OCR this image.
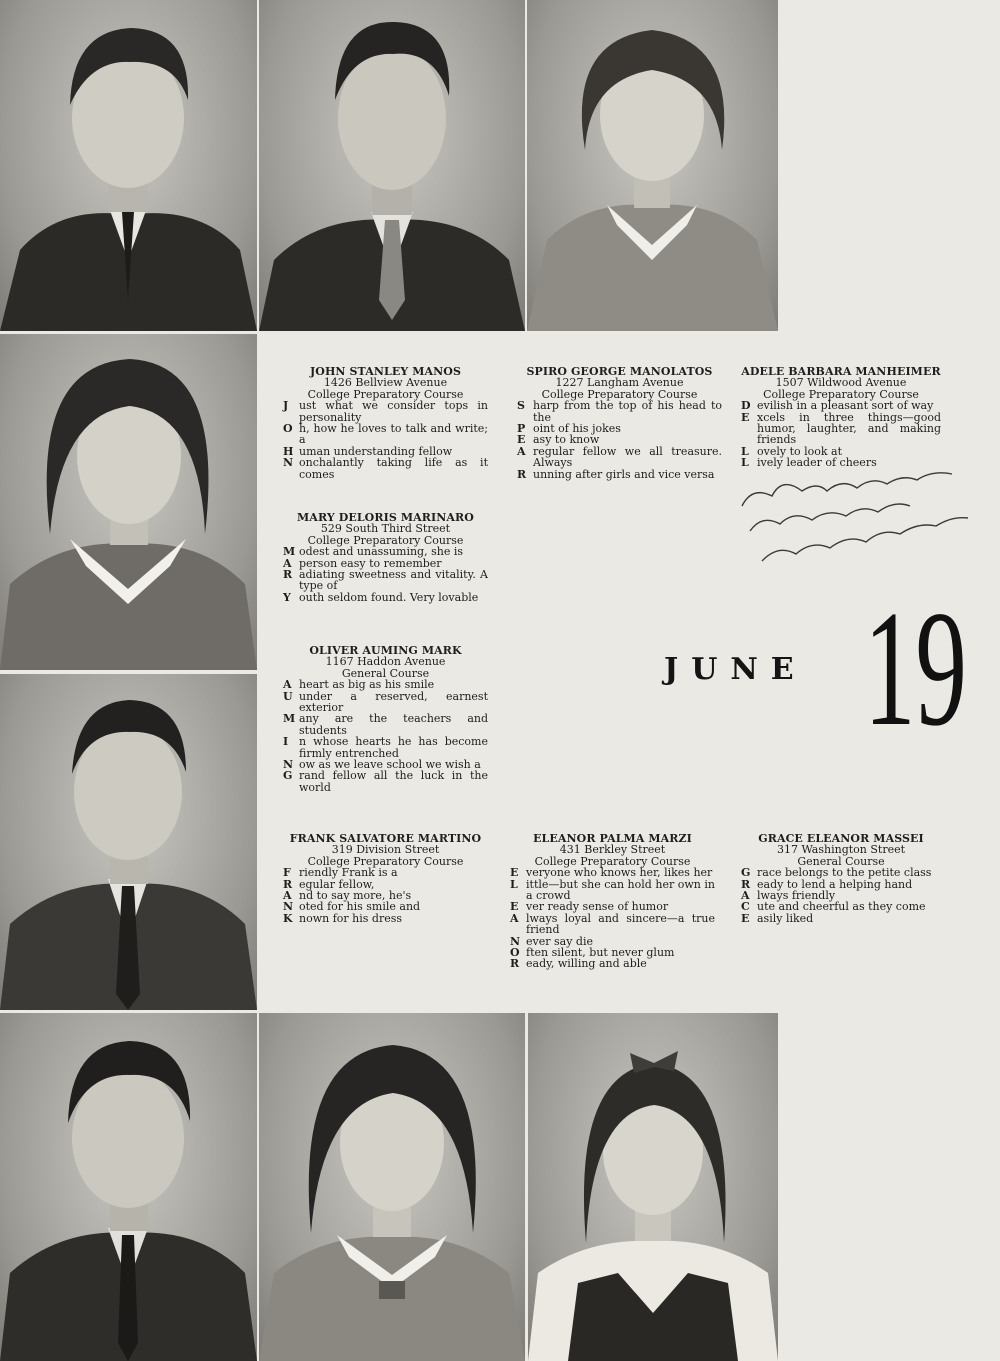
JOHN STANLEY MANOS
1426 Bellview Avenue
College Preparatory Course
J ust what we consider tops in personality
O h, how he loves to talk and write; a
H uman understanding fellow
N onchalantly taking life as it comes
SPIRO GEORGE MANOLATOS
1227 Langham Avenue
College Preparatory Course
S harp from the top of his head to the
P oint of his jokes
E asy to know
A regular fellow we all treasure. Always
R unning after girls and vice versa
ADELE BARBARA MANHEIMER
1507 Wildwood Avenue
College Preparatory Course
D evilish in a pleasant sort of way
E xcels in three things—good humor, laughter, and making friends
L ovely to look at
L ively leader of cheers
MARY DELORIS MARINARO
529 South Third Street
College Preparatory Course
M odest and unassuming, she is
A person easy to remember
R adiating sweetness and vitality. A type of
Y outh seldom found. Very lovable
OLIVER AUMING MARK
1167 Haddon Avenue
General Course
A heart as big as his smile
U under a reserved, earnest exterior
M any are the teachers and students
I n whose hearts he has become firmly entrenched
N ow as we leave school we wish a
G rand fellow all the luck in the world
FRANK SALVATORE MARTINO
319 Division Street
College Preparatory Course
F riendly Frank is a
R egular fellow,
A nd to say more, he's
N oted for his smile and
K nown for his dress
ELEANOR PALMA MARZI
431 Berkley Street
College Preparatory Course
E veryone who knows her, likes her
L ittle—but she can hold her own in a crowd
E ver ready sense of humor
A lways loyal and sincere—a true friend
N ever say die
O ften silent, but never glum
R eady, willing and able
GRACE ELEANOR MASSEI
317 Washington Street
General Course
G race belongs to the petite class
R eady to lend a helping hand
A lways friendly
C ute and cheerful as they come
E asily liked
JUNE 19
